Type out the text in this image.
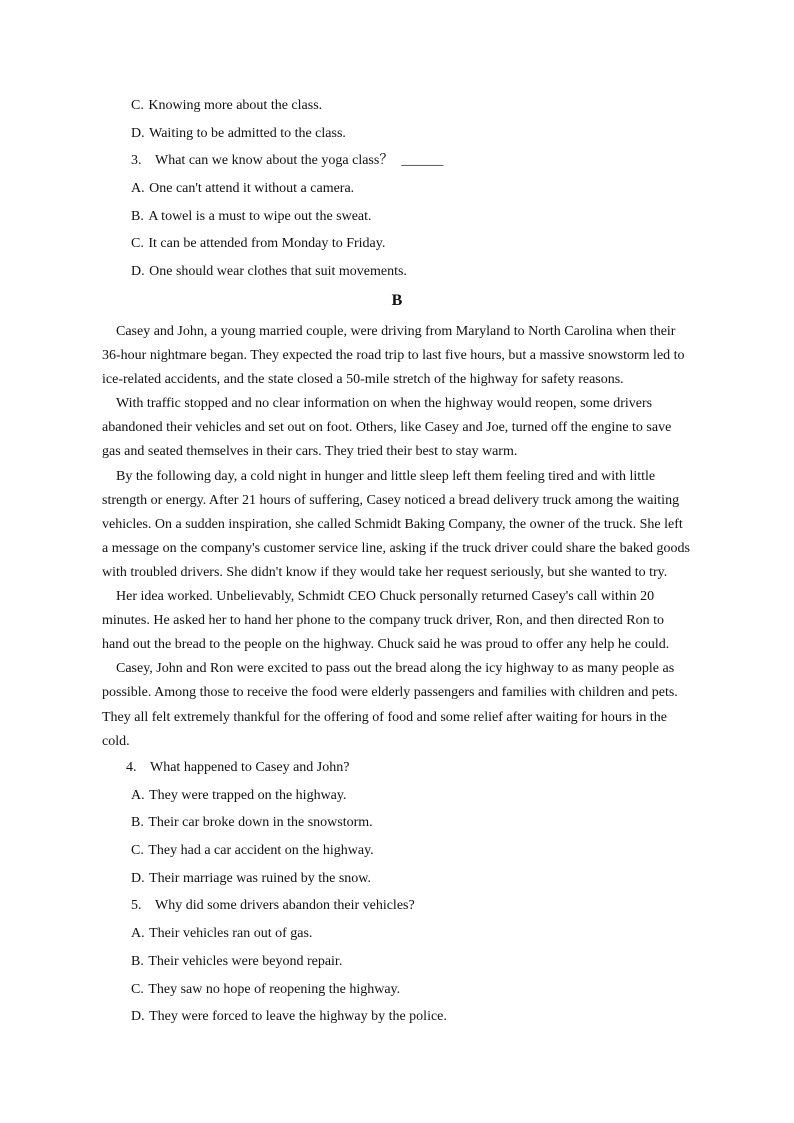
C. Knowing more about the class.
D. Waiting to be admitted to the class.
3. What can we know about the yoga class？ ______
A. One can't attend it without a camera.
B. A towel is a must to wipe out the sweat.
C. It can be attended from Monday to Friday.
D. One should wear clothes that suit movements.
B
Casey and John, a young married couple, were driving from Maryland to North Carolina when their
36-hour nightmare began. They expected the road trip to last five hours, but a massive snowstorm led to
ice-related accidents, and the state closed a 50-mile stretch of the highway for safety reasons.
With traffic stopped and no clear information on when the highway would reopen, some drivers
abandoned their vehicles and set out on foot. Others, like Casey and Joe, turned off the engine to save
gas and seated themselves in their cars. They tried their best to stay warm.
By the following day, a cold night in hunger and little sleep left them feeling tired and with little
strength or energy. After 21 hours of suffering, Casey noticed a bread delivery truck among the waiting
vehicles. On a sudden inspiration, she called Schmidt Baking Company, the owner of the truck. She left
a message on the company's customer service line, asking if the truck driver could share the baked goods
with troubled drivers. She didn't know if they would take her request seriously, but she wanted to try.
Her idea worked. Unbelievably, Schmidt CEO Chuck personally returned Casey's call within 20
minutes. He asked her to hand her phone to the company truck driver, Ron, and then directed Ron to
hand out the bread to the people on the highway. Chuck said he was proud to offer any help he could.
Casey, John and Ron were excited to pass out the bread along the icy highway to as many people as
possible. Among those to receive the food were elderly passengers and families with children and pets.
They all felt extremely thankful for the offering of food and some relief after waiting for hours in the
cold.
4. What happened to Casey and John?
A. They were trapped on the highway.
B. Their car broke down in the snowstorm.
C. They had a car accident on the highway.
D. Their marriage was ruined by the snow.
5. Why did some drivers abandon their vehicles?
A. Their vehicles ran out of gas.
B. Their vehicles were beyond repair.
C. They saw no hope of reopening the highway.
D. They were forced to leave the highway by the police.
